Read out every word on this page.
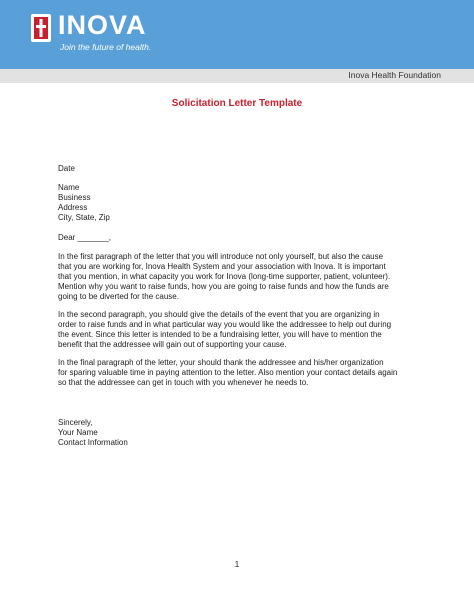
INOVA
Join the future of health.
Inova Health Foundation
Solicitation Letter Template
Date
Name
Business
Address
City, State, Zip
Dear _______,
In the first paragraph of the letter that you will introduce not only yourself, but also the cause
that you are working for, Inova Health System and your association with Inova. It is important
that you mention, in what capacity you work for Inova (long-time supporter, patient, volunteer).
Mention why you want to raise funds, how you are going to raise funds and how the funds are
going to be diverted for the cause.
In the second paragraph, you should give the details of the event that you are organizing in
order to raise funds and in what particular way you would like the addressee to help out during
the event. Since this letter is intended to be a fundraising letter, you will have to mention the
benefit that the addressee will gain out of supporting your cause.
In the final paragraph of the letter, your should thank the addressee and his/her organization
for sparing valuable time in paying attention to the letter. Also mention your contact details again
so that the addressee can get in touch with you whenever he needs to.
Sincerely,
Your Name
Contact Information
1
